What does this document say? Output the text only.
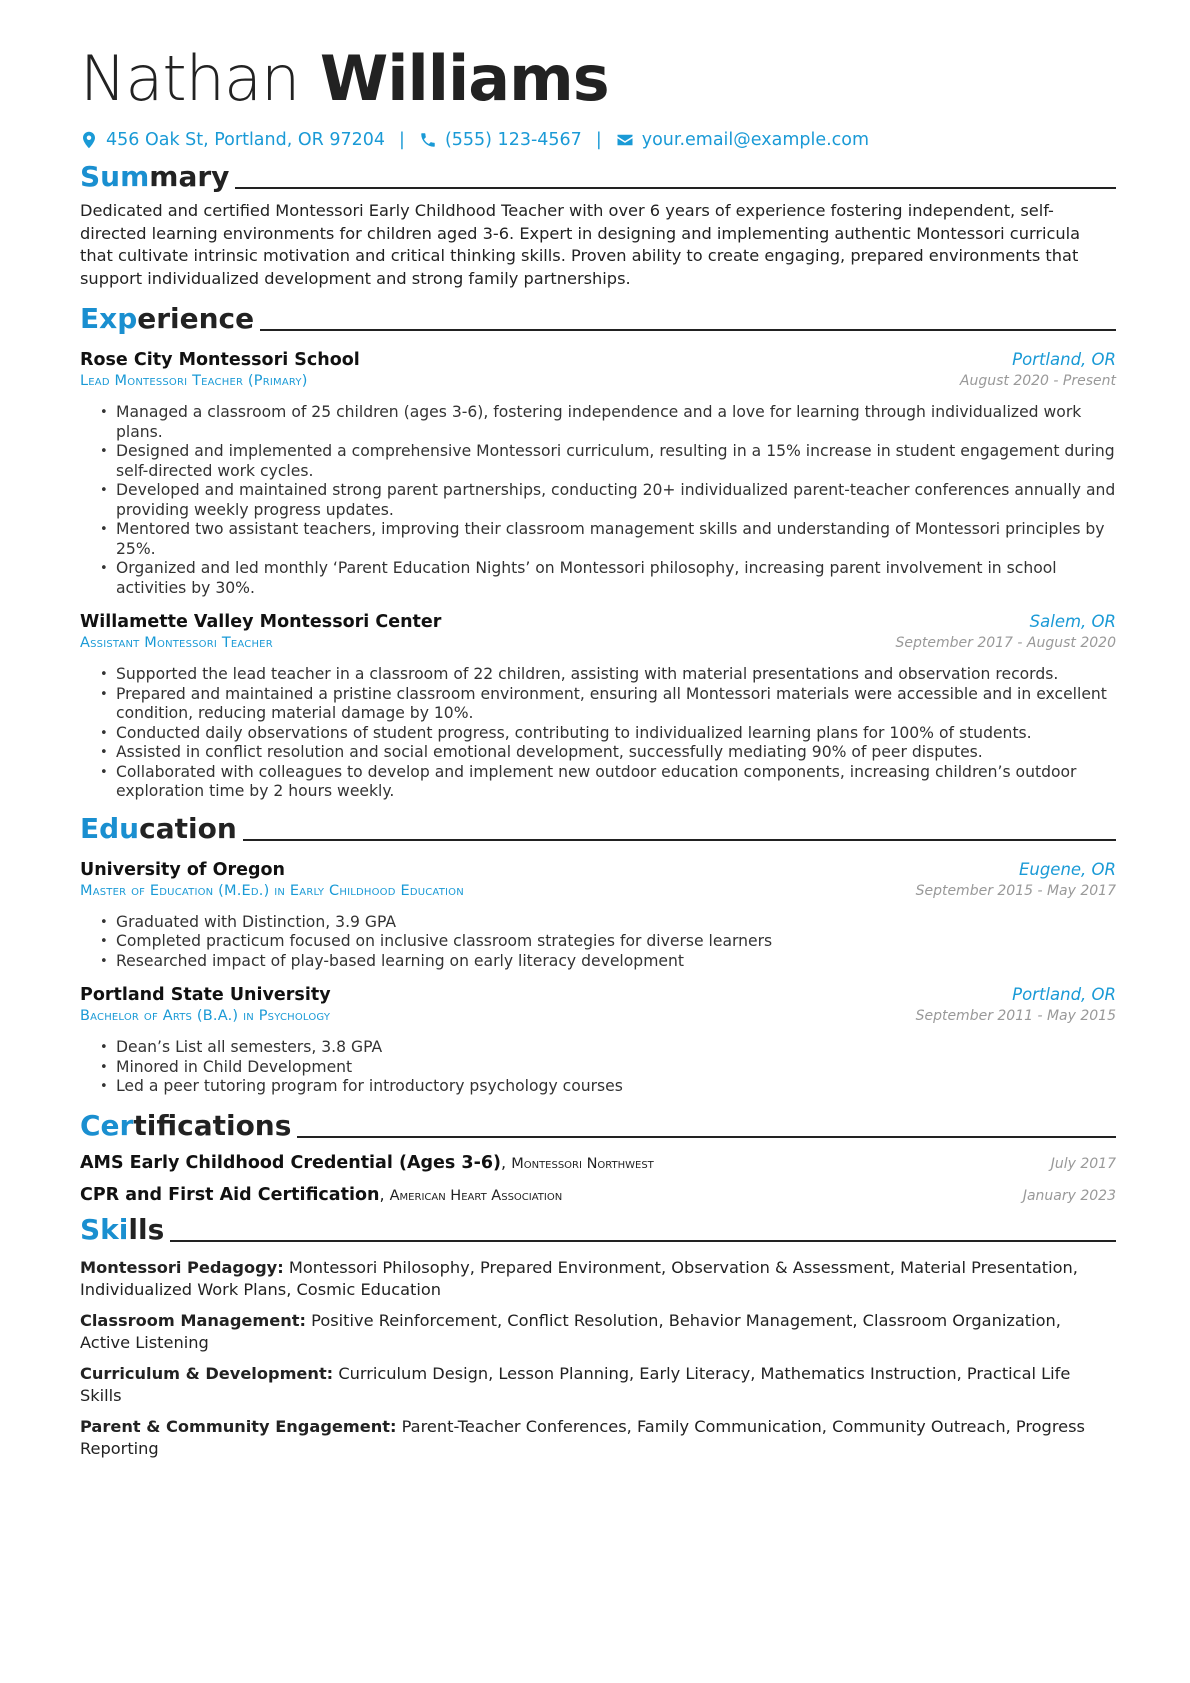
Nathan Williams
456 Oak St, Portland, OR 97204 | (555) 123-4567 | your.email@example.com
Sum mary

Dedicated and certified Montessori Early Childhood Teacher with over 6 years of experience fostering independent, self-directed learning environments for children aged 3-6. Expert in designing and implementing authentic Montessori curricula that cultivate intrinsic motivation and critical thinking skills. Proven ability to create engaging, prepared environments that support individualized development and strong family partnerships.

Exp erience
Rose City Montessori School	Portland, OR
Lead Montessori Teacher (Primary)	August 2020 - Present
• Managed a classroom of 25 children (ages 3-6), fostering independence and a love for learning through individualized work plans.
• Designed and implemented a comprehensive Montessori curriculum, resulting in a 15% increase in student engagement during self-directed work cycles.
• Developed and maintained strong parent partnerships, conducting 20+ individualized parent-teacher conferences annually and providing weekly progress updates.
• Mentored two assistant teachers, improving their classroom management skills and understanding of Montessori principles by 25%.
• Organized and led monthly ‘Parent Education Nights’ on Montessori philosophy, increasing parent involvement in school activities by 30%.
Willamette Valley Montessori Center	Salem, OR
Assistant Montessori Teacher	September 2017 - August 2020
• Supported the lead teacher in a classroom of 22 children, assisting with material presentations and observation records.
• Prepared and maintained a pristine classroom environment, ensuring all Montessori materials were accessible and in excellent condition, reducing material damage by 10%.
• Conducted daily observations of student progress, contributing to individualized learning plans for 100% of students.
• Assisted in conflict resolution and social emotional development, successfully mediating 90% of peer disputes.
• Collaborated with colleagues to develop and implement new outdoor education components, increasing children’s outdoor exploration time by 2 hours weekly.
Edu cation
University of Oregon	Eugene, OR
Master of Education (M.Ed.) in Early Childhood Education	September 2015 - May 2017
• Graduated with Distinction, 3.9 GPA
• Completed practicum focused on inclusive classroom strategies for diverse learners
• Researched impact of play-based learning on early literacy development
Portland State University	Portland, OR
Bachelor of Arts (B.A.) in Psychology	September 2011 - May 2015
• Dean’s List all semesters, 3.8 GPA
• Minored in Child Development
• Led a peer tutoring program for introductory psychology courses
Cer tifications
AMS Early Childhood Credential (Ages 3-6), Montessori Northwest	July 2017
CPR and First Aid Certification, American Heart Association	January 2023
Ski lls
Montessori Pedagogy: Montessori Philosophy, Prepared Environment, Observation & Assessment, Material Presentation, Individualized Work Plans, Cosmic Education
Classroom Management: Positive Reinforcement, Conflict Resolution, Behavior Management, Classroom Organization, Active Listening
Curriculum & Development: Curriculum Design, Lesson Planning, Early Literacy, Mathematics Instruction, Practical Life Skills
Parent & Community Engagement: Parent-Teacher Conferences, Family Communication, Community Outreach, Progress Reporting
